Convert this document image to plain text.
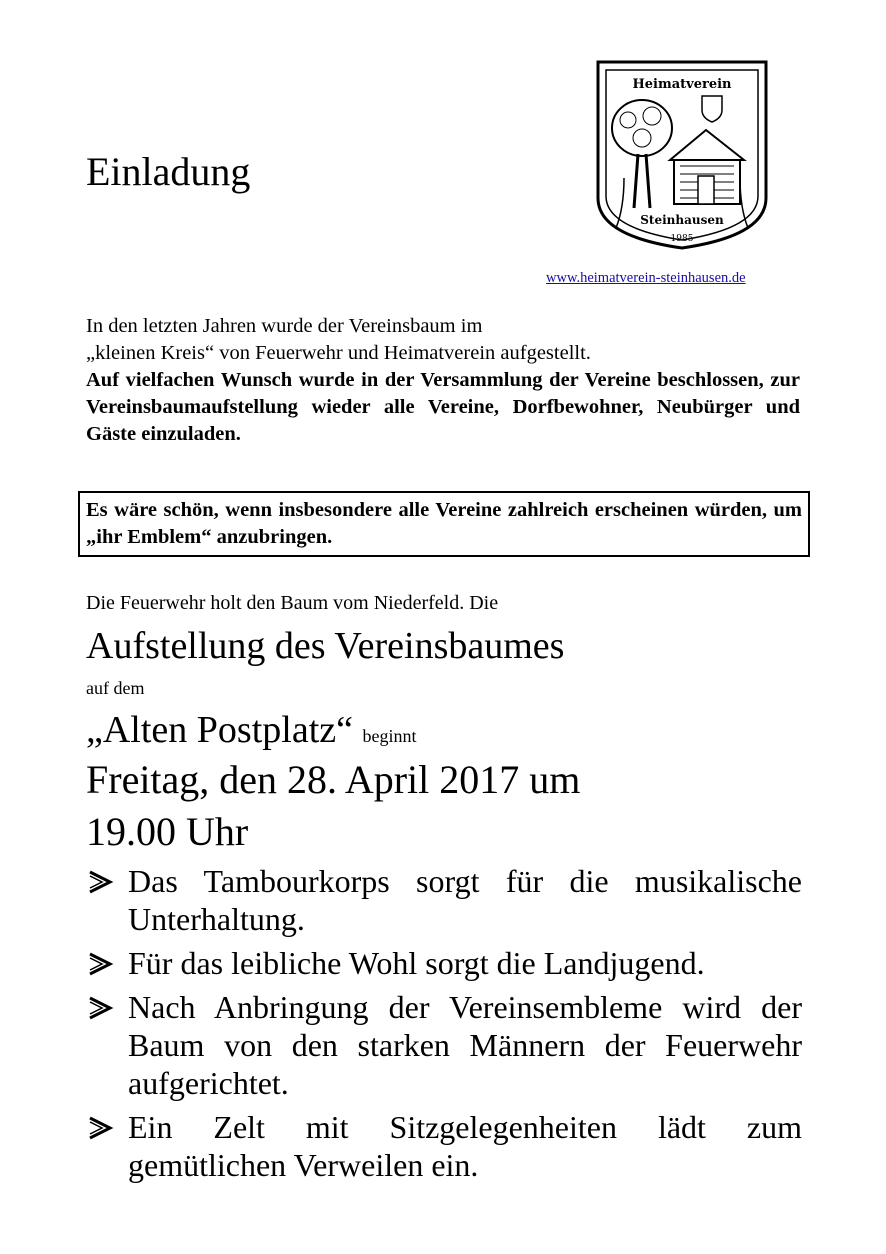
Einladung
Heimatverein
Steinhausen
1985
www.heimatverein-steinhausen.de
In den letzten Jahren wurde der Vereinsbaum im
„kleinen Kreis“ von Feuerwehr und Heimatverein aufgestellt.
Auf vielfachen Wunsch wurde in der Versammlung der Vereine beschlossen, zur Vereinsbaumaufstellung wieder alle Vereine, Dorfbewohner, Neubürger und Gäste einzuladen.
Es wäre schön, wenn insbesondere alle Vereine zahlreich erscheinen würden, um „ihr Emblem“ anzubringen.
Die Feuerwehr holt den Baum vom Niederfeld. Die
Aufstellung des Vereinsbaumes
auf dem
„Alten Postplatz“ beginnt
Freitag, den 28. April 2017 um
19.00 Uhr
Das Tambourkorps sorgt für die musikalische Unterhaltung.
Für das leibliche Wohl sorgt die Landjugend.
Nach Anbringung der Vereinsembleme wird der Baum von den starken Männern der Feuerwehr aufgerichtet.
Ein Zelt mit Sitzgelegenheiten lädt zum gemütlichen Verweilen ein.
